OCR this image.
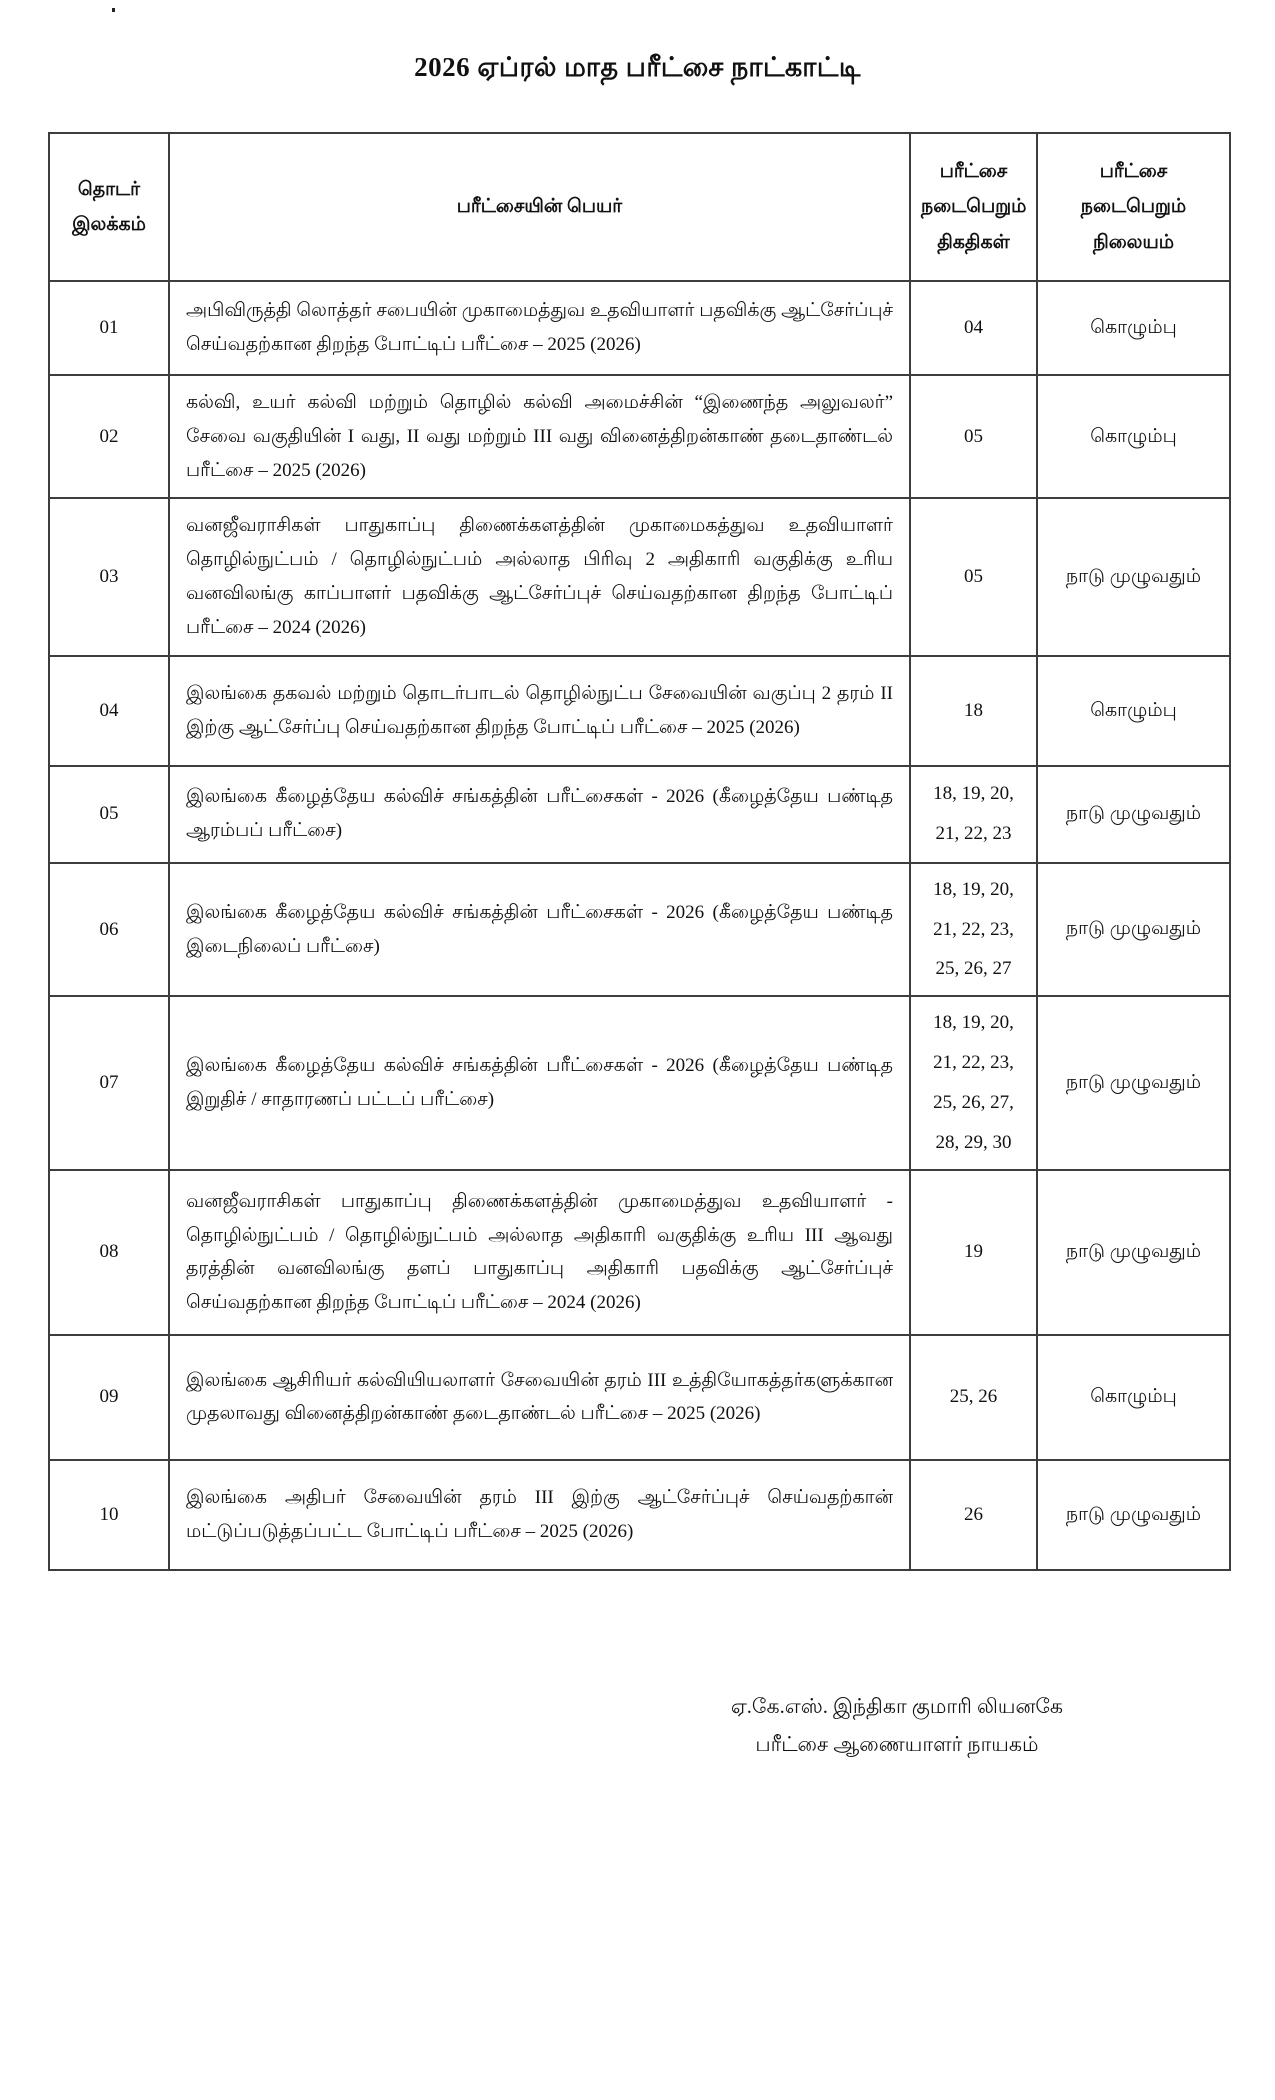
2026 ஏப்ரல் மாத பரீட்சை நாட்காட்டி
தொடர் இலக்கம்	பரீட்சையின் பெயர்	பரீட்சை நடைபெறும் திகதிகள்	பரீட்சை நடைபெறும் நிலையம்
01	அபிவிருத்தி லொத்தர் சபையின் முகாமைத்துவ உதவியாளர் பதவிக்கு ஆட்சேர்ப்புச் செய்வதற்கான திறந்த போட்டிப் பரீட்சை – 2025 (2026)	04	கொழும்பு
02	கல்வி, உயர் கல்வி மற்றும் தொழில் கல்வி அமைச்சின் “இணைந்த அலுவலர்” சேவை வகுதியின் I வது, II வது மற்றும் III வது வினைத்திறன்காண் தடைதாண்டல் பரீட்சை – 2025 (2026)	05	கொழும்பு
03	வனஜீவராசிகள் பாதுகாப்பு திணைக்களத்தின் முகாமைகத்துவ உதவியாளர் தொழில்நுட்பம் / தொழில்நுட்பம் அல்லாத பிரிவு 2 அதிகாரி வகுதிக்கு உரிய வனவிலங்கு காப்பாளர் பதவிக்கு ஆட்சேர்ப்புச் செய்வதற்கான திறந்த போட்டிப் பரீட்சை – 2024 (2026)	05	நாடு முழுவதும்
04	இலங்கை தகவல் மற்றும் தொடர்பாடல் தொழில்நுட்ப சேவையின் வகுப்பு 2 தரம் II இற்கு ஆட்சேர்ப்பு செய்வதற்கான திறந்த போட்டிப் பரீட்சை – 2025 (2026)	18	கொழும்பு
05	இலங்கை கீழைத்தேய கல்விச் சங்கத்தின் பரீட்சைகள் - 2026 (கீழைத்தேய பண்டித ஆரம்பப் பரீட்சை)	18, 19, 20, 21, 22, 23	நாடு முழுவதும்
06	இலங்கை கீழைத்தேய கல்விச் சங்கத்தின் பரீட்சைகள் - 2026 (கீழைத்தேய பண்டித இடைநிலைப் பரீட்சை)	18, 19, 20, 21, 22, 23, 25, 26, 27	நாடு முழுவதும்
07	இலங்கை கீழைத்தேய கல்விச் சங்கத்தின் பரீட்சைகள் - 2026 (கீழைத்தேய பண்டித இறுதிச் / சாதாரணப் பட்டப் பரீட்சை)	18, 19, 20, 21, 22, 23, 25, 26, 27, 28, 29, 30	நாடு முழுவதும்
08	வனஜீவராசிகள் பாதுகாப்பு திணைக்களத்தின் முகாமைத்துவ உதவியாளர் - தொழில்நுட்பம் / தொழில்நுட்பம் அல்லாத அதிகாரி வகுதிக்கு உரிய III ஆவது தரத்தின் வனவிலங்கு தளப் பாதுகாப்பு அதிகாரி பதவிக்கு ஆட்சேர்ப்புச் செய்வதற்கான திறந்த போட்டிப் பரீட்சை – 2024 (2026)	19	நாடு முழுவதும்
09	இலங்கை ஆசிரியர் கல்வியியலாளர் சேவையின் தரம் III உத்தியோகத்தர்களுக்கான முதலாவது வினைத்திறன்காண் தடைதாண்டல் பரீட்சை – 2025 (2026)	25, 26	கொழும்பு
10	இலங்கை அதிபர் சேவையின் தரம் III இற்கு ஆட்சேர்ப்புச் செய்வதற்கான் மட்டுப்படுத்தப்பட்ட போட்டிப் பரீட்சை – 2025 (2026)	26	நாடு முழுவதும்
ஏ.கே.எஸ். இந்திகா குமாரி லியனகே
பரீட்சை ஆணையாளர் நாயகம்
